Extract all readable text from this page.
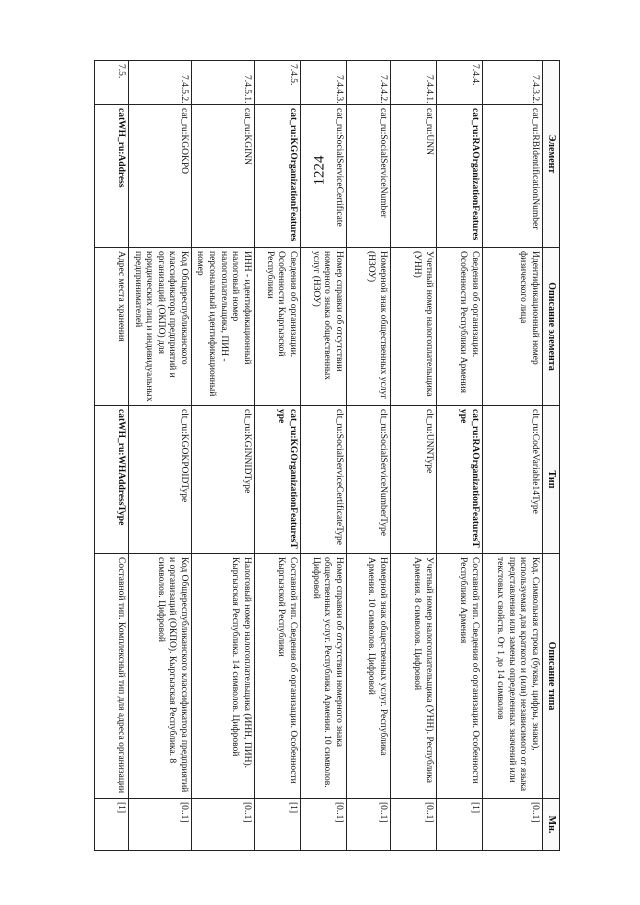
1224	Элемент		Описание элемента	Тип	Описание типа	Мн.
7.4.3.2.	cat_ru:RBIdentificationNumber	Идентификационный номер физического лица	clt_ru:CodeVariable14Type	Код. Символьная строка (буквы, цифры, знаки), используемая для краткого и (или) независимого от языка представления или замены определенных значений или текстовых свойств. От 1 до 14 символов	[0..1]
7.4.4.	cat_ru:RAOrganizationFeatures	Сведения об организации. Особенности Республики Армения	cat_ru:RAOrganizationFeaturesType	Составной тип. Сведения об организации. Особенности Республики Армения	[1]
7.4.4.1.	cat_ru:UNN	Учетный номер налогоплательщика (УНН)	clt_ru:UNNType	Учетный номер налогоплательщика (УНН). Республика Армения. 8 символов. Цифровой	[0..1]
7.4.4.2.	cat_ru:SocialServiceNumber	Номерной знак общественных услуг (НЗОУ)	clt_ru:SocialServiceNumberType	Номерной знак общественных услуг. Республика Армения. 10 символов. Цифровой	[0..1]
7.4.4.3.	cat_ru:SocialServiceCertificate	Номер справки об отсутствии номерного знака общественных услуг (НЗОУ)	clt_ru:SocialServiceCertificateType	Номер справки об отсутствии номерного знака общественных услуг. Республика Армения. 10 символов. Цифровой	[0..1]
7.4.5.	cat_ru:KGOrganizationFeatures	Сведения об организации. Особенности Кыргызской Республики	cat_ru:KGOrganizationFeaturesType	Составной тип. Сведения об организации. Особенности Кыргызской Республики	[1]
7.4.5.1.	cat_ru:KGINN	ИНН - идентификационный налоговый номер налогоплательщика, ПИН - персональный идентификационный номер	clt_ru:KGINNIDType	Налоговый номер налогоплательщика (ИНН, ПИН). Кыргызская Республика. 14 символов. Цифровой	[0..1]
7.4.5.2.	cat_ru:KGOKPO	Код Общереспубликанского классификатора предприятий и организаций (ОКПО) для юридических лиц и индивидуальных предпринимателей	clt_ru:KGOKPOIDType	Код Общереспубликанского классификатора предприятий и организаций (ОКПО). Кыргызская Республика. 8 символов. Цифровой	[0..1]
7.5.	catWH_ru:Address	Адрес места хранения	catWH_ru:WHAddressType	Составной тип. Комплексный тип для адреса организации	[1]
